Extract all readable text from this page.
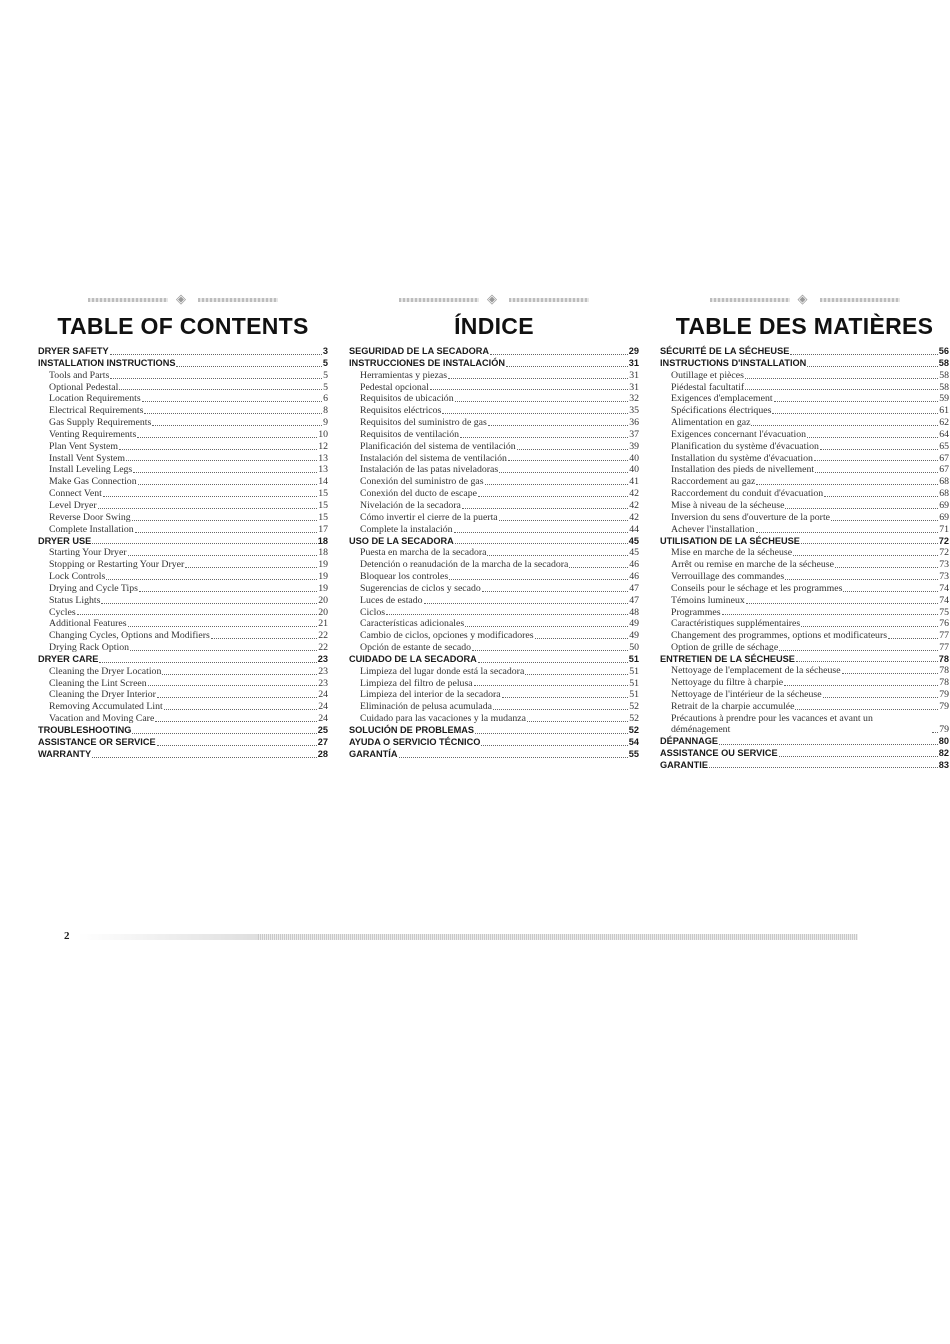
◈
TABLE OF CONTENTS
DRYER SAFETY	3
INSTALLATION INSTRUCTIONS	5
Tools and Parts	5
Optional Pedestal	5
Location Requirements	6
Electrical Requirements	8
Gas Supply Requirements	9
Venting Requirements	10
Plan Vent System	12
Install Vent System	13
Install Leveling Legs	13
Make Gas Connection	14
Connect Vent	15
Level Dryer	15
Reverse Door Swing	15
Complete Installation	17
DRYER USE	18
Starting Your Dryer	18
Stopping or Restarting Your Dryer	19
Lock Controls	19
Drying and Cycle Tips	19
Status Lights	20
Cycles	20
Additional Features	21
Changing Cycles, Options and Modifiers	22
Drying Rack Option	22
DRYER CARE	23
Cleaning the Dryer Location	23
Cleaning the Lint Screen	23
Cleaning the Dryer Interior	24
Removing Accumulated Lint	24
Vacation and Moving Care	24
TROUBLESHOOTING	25
ASSISTANCE OR SERVICE	27
WARRANTY	28
◈
ÍNDICE
SEGURIDAD DE LA SECADORA	29
INSTRUCCIONES DE INSTALACIÓN	31
Herramientas y piezas	31
Pedestal opcional	31
Requisitos de ubicación	32
Requisitos eléctricos	35
Requisitos del suministro de gas	36
Requisitos de ventilación	37
Planificación del sistema de ventilación	39
Instalación del sistema de ventilación	40
Instalación de las patas niveladoras	40
Conexión del suministro de gas	41
Conexión del ducto de escape	42
Nivelación de la secadora	42
Cómo invertir el cierre de la puerta	42
Complete la instalación	44
USO DE LA SECADORA	45
Puesta en marcha de la secadora	45
Detención o reanudación de la marcha de la secadora	46
Bloquear los controles	46
Sugerencias de ciclos y secado	47
Luces de estado	47
Ciclos	48
Características adicionales	49
Cambio de ciclos, opciones y modificadores	49
Opción de estante de secado	50
CUIDADO DE LA SECADORA	51
Limpieza del lugar donde está la secadora	51
Limpieza del filtro de pelusa	51
Limpieza del interior de la secadora	51
Eliminación de pelusa acumulada	52
Cuidado para las vacaciones y la mudanza	52
SOLUCIÓN DE PROBLEMAS	52
AYUDA O SERVICIO TÉCNICO	54
GARANTÍA	55
◈
TABLE DES MATIÈRES
SÉCURITÉ DE LA SÉCHEUSE	56
INSTRUCTIONS D'INSTALLATION	58
Outillage et pièces	58
Piédestal facultatif	58
Exigences d'emplacement	59
Spécifications électriques	61
Alimentation en gaz	62
Exigences concernant l'évacuation	64
Planification du système d'évacuation	65
Installation du système d'évacuation	67
Installation des pieds de nivellement	67
Raccordement au gaz	68
Raccordement du conduit d'évacuation	68
Mise à niveau de la sécheuse	69
Inversion du sens d'ouverture de la porte	69
Achever l'installation	71
UTILISATION DE LA SÉCHEUSE	72
Mise en marche de la sécheuse	72
Arrêt ou remise en marche de la sécheuse	73
Verrouillage des commandes	73
Conseils pour le séchage et les programmes	74
Témoins lumineux	74
Programmes	75
Caractéristiques supplémentaires	76
Changement des programmes, options et modificateurs	77
Option de grille de séchage	77
ENTRETIEN DE LA SÉCHEUSE	78
Nettoyage de l'emplacement de la sécheuse	78
Nettoyage du filtre à charpie	78
Nettoyage de l'intérieur de la sécheuse	79
Retrait de la charpie accumulée	79
Précautions à prendre pour les vacances et avant un déménagement	79
DÉPANNAGE	80
ASSISTANCE OU SERVICE	82
GARANTIE	83
2
